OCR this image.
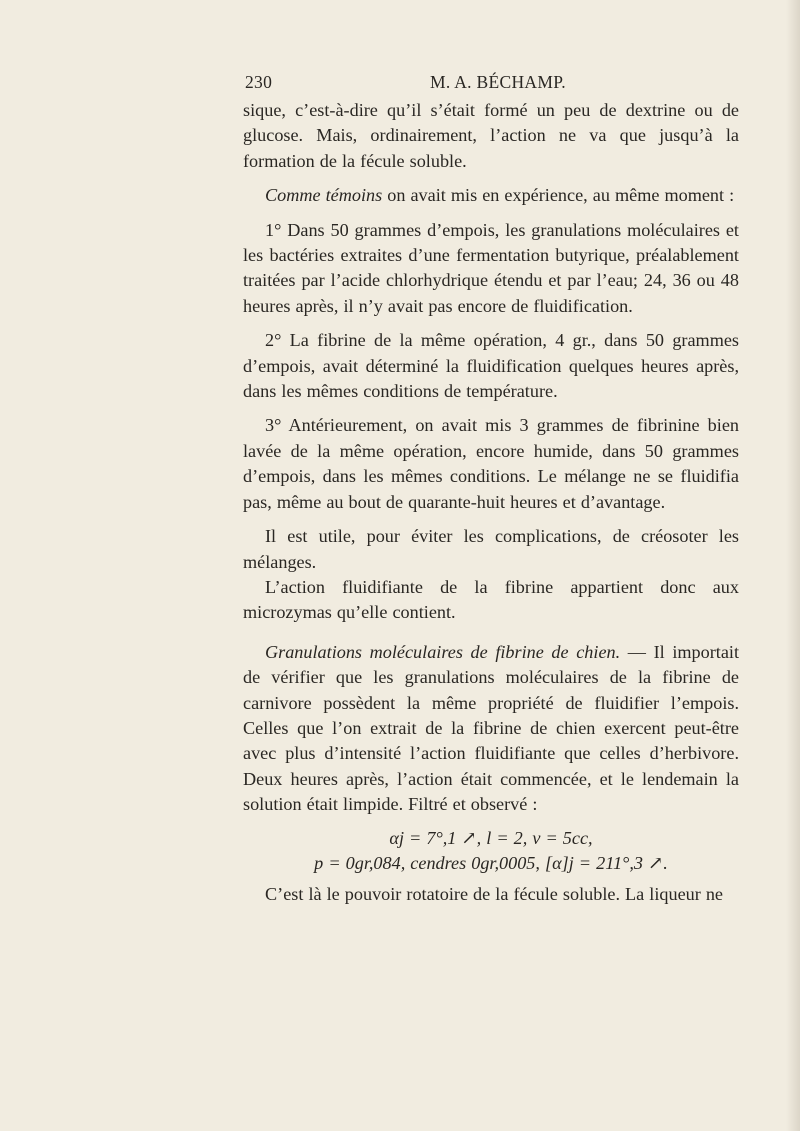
230	M. A. BÉCHAMP.

sique, c’est-à-dire qu’il s’était formé un peu de dextrine ou de glucose. Mais, ordinairement, l’action ne va que jusqu’à la formation de la fécule soluble.

Comme témoins on avait mis en expérience, au même moment :

1° Dans 50 grammes d’empois, les granulations moléculaires et les bactéries extraites d’une fermentation butyrique, préalablement traitées par l’acide chlorhydrique étendu et par l’eau; 24, 36 ou 48 heures après, il n’y avait pas encore de fluidification.

2° La fibrine de la même opération, 4 gr., dans 50 grammes d’empois, avait déterminé la fluidification quelques heures après, dans les mêmes conditions de température.

3° Antérieurement, on avait mis 3 grammes de fibrinine bien lavée de la même opération, encore humide, dans 50 grammes d’empois, dans les mêmes conditions. Le mélange ne se fluidifia pas, même au bout de quarante-huit heures et d’avantage.

Il est utile, pour éviter les complications, de créosoter les mélanges.

L’action fluidifiante de la fibrine appartient donc aux microzymas qu’elle contient.

Granulations moléculaires de fibrine de chien. — Il importait de vérifier que les granulations moléculaires de la fibrine de carnivore possèdent la même propriété de fluidifier l’empois. Celles que l’on extrait de la fibrine de chien exercent peut-être avec plus d’intensité l’action fluidifiante que celles d’herbivore. Deux heures après, l’action était commencée, et le lendemain la solution était limpide. Filtré et observé :

αj = 7°,1 ↗, l = 2, v = 5cc,
p = 0gr,084, cendres 0gr,0005, [α]j = 211°,3 ↗.

C’est là le pouvoir rotatoire de la fécule soluble. La liqueur ne
